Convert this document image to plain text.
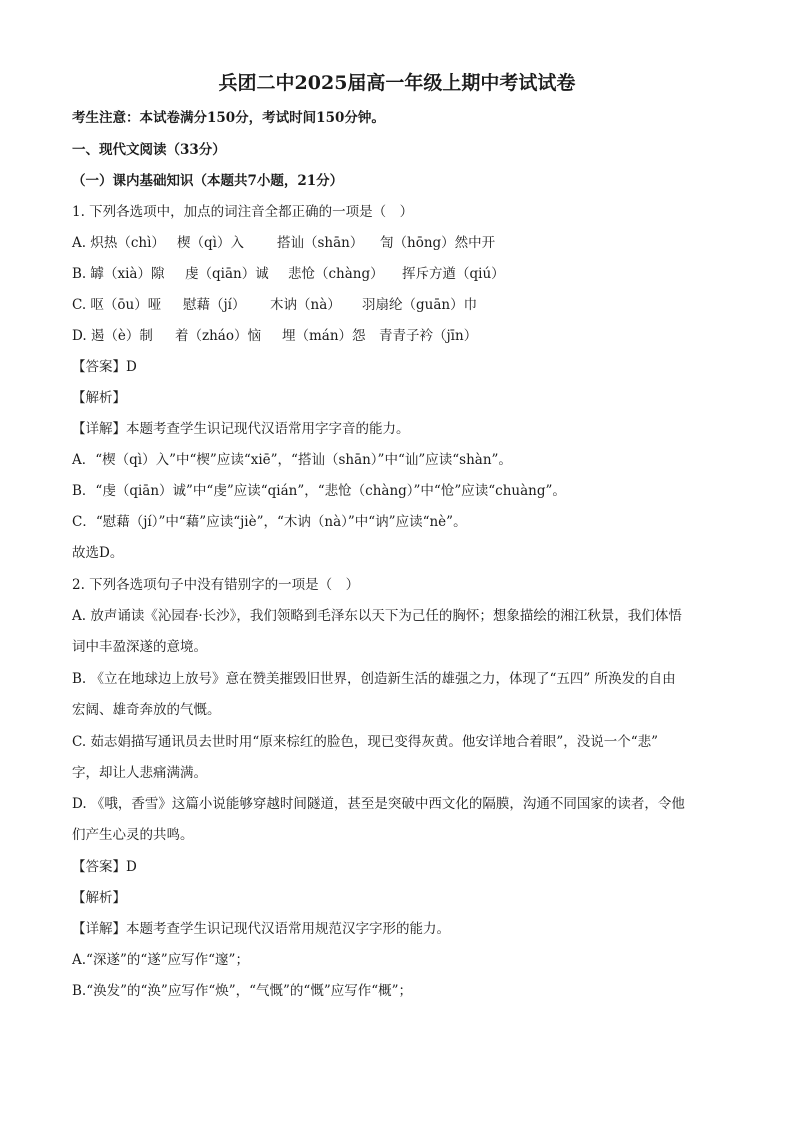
兵团二中2025届高一年级上期中考试试卷
考生注意：本试卷满分150分，考试时间150分钟。
一、现代文阅读（33分）
（一）课内基础知识（本题共7小题，21分）
1. 下列各选项中，加点的词注音全都正确的一项是（　）
A. 炽热（chì） 楔（qì）入 搭讪（shān） 訇（hōng）然中开
B. 罅（xià）隙 虔（qiān）诚 悲怆（chàng） 挥斥方遒（qiú）
C. 呕（ōu）哑 慰藉（jí） 木讷（nà） 羽扇纶（guān）巾
D. 遏（è）制 着（zháo）恼 埋（mán）怨 青青子衿（jīn）
【答案】D
【解析】
【详解】本题考查学生识记现代汉语常用字字音的能力。
A．“楔（qì）入”中“楔”应读“xiē”，“搭讪（shān）”中“讪”应读“shàn”。
B．“虔（qiān）诚”中“虔”应读“qián”，“悲怆（chàng）”中“怆”应读“chuàng”。
C．“慰藉（jí）”中“藉”应读“jiè”，“木讷（nà）”中“讷”应读“nè”。
故选D。
2. 下列各选项句子中没有错别字的一项是（　）
A. 放声诵读《沁园春·长沙》，我们领略到毛泽东以天下为己任的胸怀；想象描绘的湘江秋景，我们体悟
词中丰盈深遂的意境。
B. 《立在地球边上放号》意在赞美摧毁旧世界，创造新生活的雄强之力，体现了“五四” 所涣发的自由
宏阔、雄奇奔放的气慨。
C. 茹志娟描写通讯员去世时用“原来棕红的脸色，现已变得灰黄。他安详地合着眼”，没说一个“悲”
字，却让人悲痛满满。
D. 《哦，香雪》这篇小说能够穿越时间隧道，甚至是突破中西文化的隔膜，沟通不同国家的读者，令他
们产生心灵的共鸣。
【答案】D
【解析】
【详解】本题考查学生识记现代汉语常用规范汉字字形的能力。
A.“深遂”的“遂”应写作“邃”；
B.“涣发”的“涣”应写作“焕”，“气慨”的“慨”应写作“概”；
